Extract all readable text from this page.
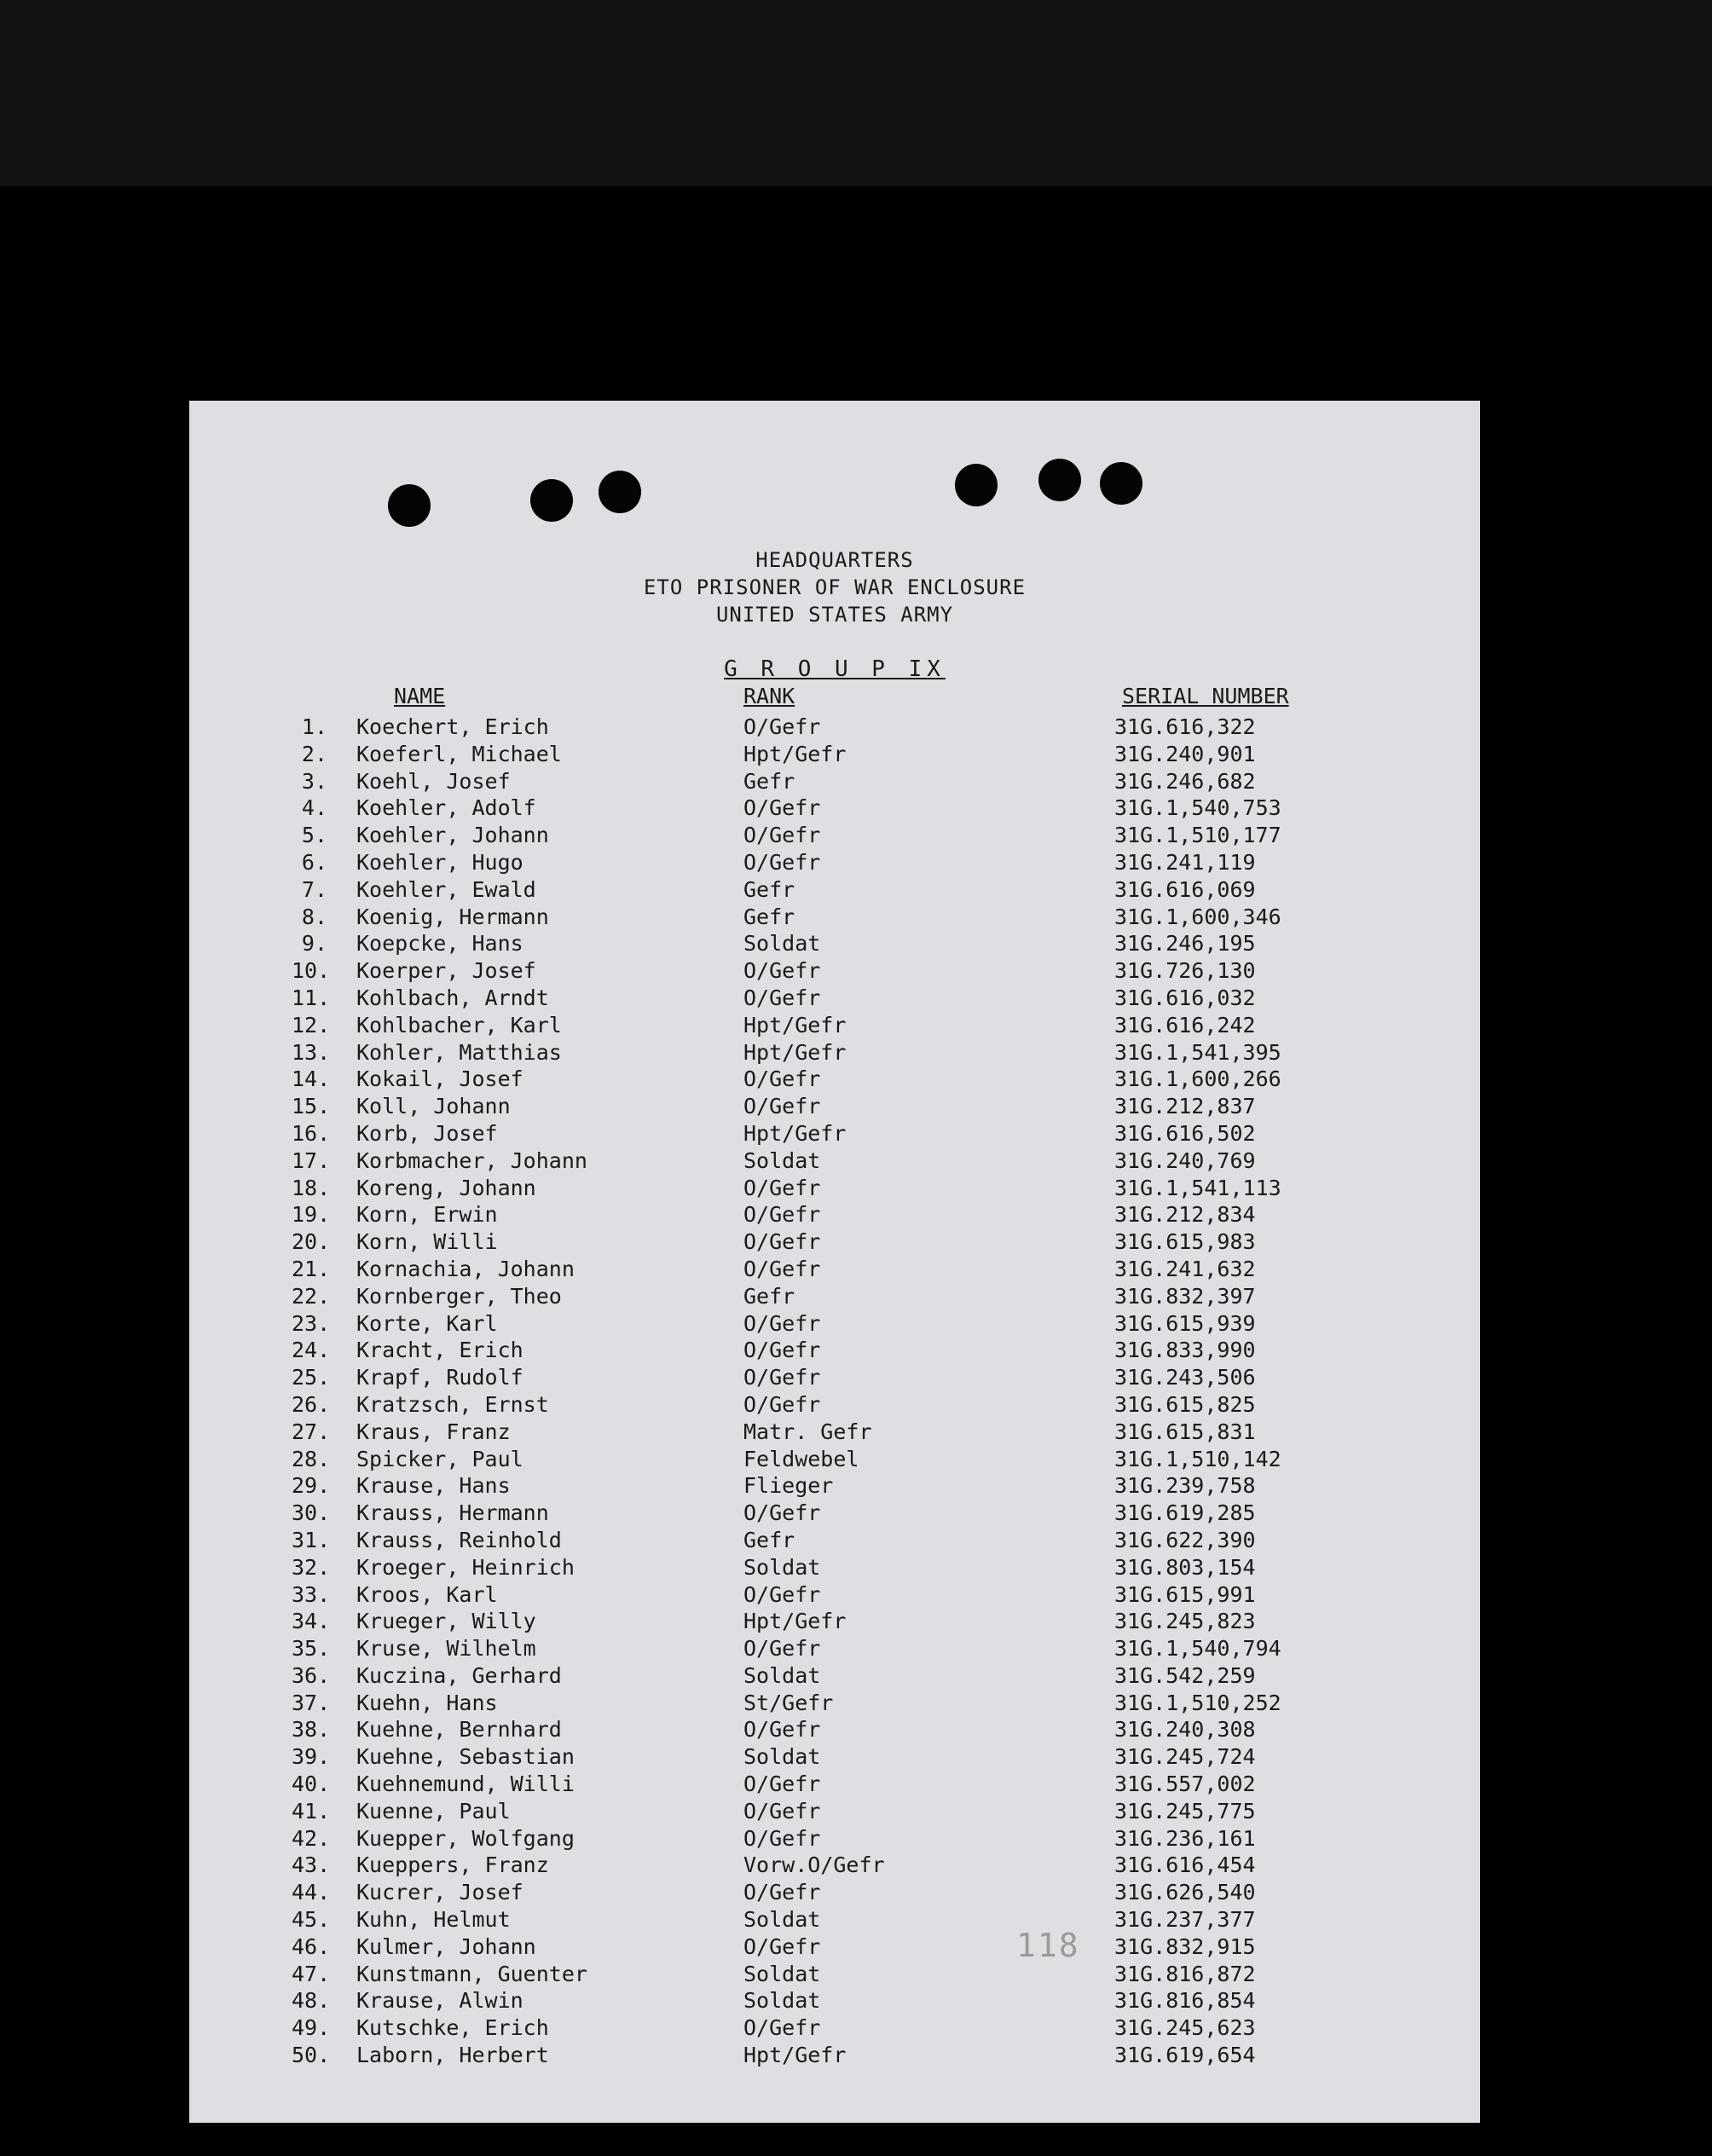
HEADQUARTERS
ETO PRISONER OF WAR ENCLOSURE
UNITED STATES ARMY
G R O U P IX
NAME	RANK	SERIAL NUMBER
1. Koechert, Erich	O/Gefr	31G.616,322
2. Koeferl, Michael	Hpt/Gefr	31G.240,901
3. Koehl, Josef	Gefr	31G.246,682
4. Koehler, Adolf	O/Gefr	31G.1,540,753
5. Koehler, Johann	O/Gefr	31G.1,510,177
6. Koehler, Hugo	O/Gefr	31G.241,119
7. Koehler, Ewald	Gefr	31G.616,069
8. Koenig, Hermann	Gefr	31G.1,600,346
9. Koepcke, Hans	Soldat	31G.246,195
10. Koerper, Josef	O/Gefr	31G.726,130
11. Kohlbach, Arndt	O/Gefr	31G.616,032
12. Kohlbacher, Karl	Hpt/Gefr	31G.616,242
13. Kohler, Matthias	Hpt/Gefr	31G.1,541,395
14. Kokail, Josef	O/Gefr	31G.1,600,266
15. Koll, Johann	O/Gefr	31G.212,837
16. Korb, Josef	Hpt/Gefr	31G.616,502
17. Korbmacher, Johann	Soldat	31G.240,769
18. Koreng, Johann	O/Gefr	31G.1,541,113
19. Korn, Erwin	O/Gefr	31G.212,834
20. Korn, Willi	O/Gefr	31G.615,983
21. Kornachia, Johann	O/Gefr	31G.241,632
22. Kornberger, Theo	Gefr	31G.832,397
23. Korte, Karl	O/Gefr	31G.615,939
24. Kracht, Erich	O/Gefr	31G.833,990
25. Krapf, Rudolf	O/Gefr	31G.243,506
26. Kratzsch, Ernst	O/Gefr	31G.615,825
27. Kraus, Franz	Matr. Gefr	31G.615,831
28. Spicker, Paul	Feldwebel	31G.1,510,142
29. Krause, Hans	Flieger	31G.239,758
30. Krauss, Hermann	O/Gefr	31G.619,285
31. Krauss, Reinhold	Gefr	31G.622,390
32. Kroeger, Heinrich	Soldat	31G.803,154
33. Kroos, Karl	O/Gefr	31G.615,991
34. Krueger, Willy	Hpt/Gefr	31G.245,823
35. Kruse, Wilhelm	O/Gefr	31G.1,540,794
36. Kuczina, Gerhard	Soldat	31G.542,259
37. Kuehn, Hans	St/Gefr	31G.1,510,252
38. Kuehne, Bernhard	O/Gefr	31G.240,308
39. Kuehne, Sebastian	Soldat	31G.245,724
40. Kuehnemund, Willi	O/Gefr	31G.557,002
41. Kuenne, Paul	O/Gefr	31G.245,775
42. Kuepper, Wolfgang	O/Gefr	31G.236,161
43. Kueppers, Franz	Vorw.O/Gefr	31G.616,454
44. Kucrer, Josef	O/Gefr	31G.626,540
45. Kuhn, Helmut	Soldat	31G.237,377
46. Kulmer, Johann	O/Gefr	31G.832,915
47. Kunstmann, Guenter	Soldat	31G.816,872
48. Krause, Alwin	Soldat	31G.816,854
49. Kutschke, Erich	O/Gefr	31G.245,623
50. Laborn, Herbert	Hpt/Gefr	31G.619,654
118
